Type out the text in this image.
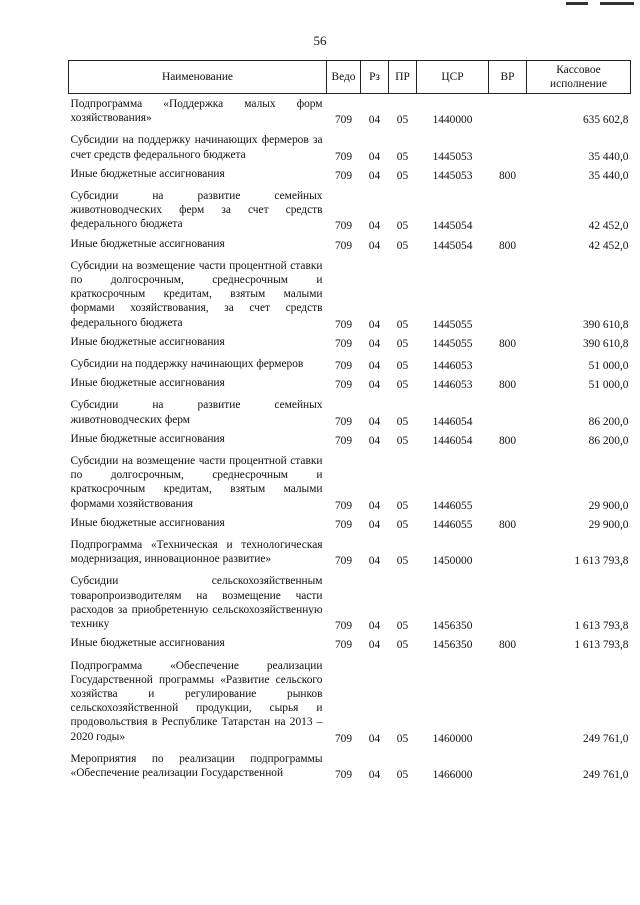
56
Наименование	Ведо	Рз	ПР	ЦСР	ВР	Кассовое исполнение
Подпрограмма «Поддержка малых форм хозяйствования»	709	04	05	1440000		635 602,8
Субсидии на поддержку начинающих фермеров за счет средств федерального бюджета	709	04	05	1445053		35 440,0
Иные бюджетные ассигнования	709	04	05	1445053	800	35 440,0
Субсидии на развитие семейных животноводческих ферм за счет средств федерального бюджета	709	04	05	1445054		42 452,0
Иные бюджетные ассигнования	709	04	05	1445054	800	42 452,0
Субсидии на возмещение части процентной ставки по долгосрочным, среднесрочным и краткосрочным кредитам, взятым малыми формами хозяйствования, за счет средств федерального бюджета	709	04	05	1445055		390 610,8
Иные бюджетные ассигнования	709	04	05	1445055	800	390 610,8
Субсидии на поддержку начинающих фермеров	709	04	05	1446053		51 000,0
Иные бюджетные ассигнования	709	04	05	1446053	800	51 000,0
Субсидии на развитие семейных животноводческих ферм	709	04	05	1446054		86 200,0
Иные бюджетные ассигнования	709	04	05	1446054	800	86 200,0
Субсидии на возмещение части процентной ставки по долгосрочным, среднесрочным и краткосрочным кредитам, взятым малыми формами хозяйствования	709	04	05	1446055		29 900,0
Иные бюджетные ассигнования	709	04	05	1446055	800	29 900,0
Подпрограмма «Техническая и технологическая модернизация, инновационное развитие»	709	04	05	1450000		1 613 793,8
Субсидии сельскохозяйственным товаропроизводителям на возмещение части расходов за приобретенную сельскохозяйственную технику	709	04	05	1456350		1 613 793,8
Иные бюджетные ассигнования	709	04	05	1456350	800	1 613 793,8
Подпрограмма «Обеспечение реализации Государственной программы «Развитие сельского хозяйства и регулирование рынков сельскохозяйственной продукции, сырья и продовольствия в Республике Татарстан на 2013 – 2020 годы»	709	04	05	1460000		249 761,0
Мероприятия по реализации подпрограммы «Обеспечение реализации Государственной	709	04	05	1466000		249 761,0
